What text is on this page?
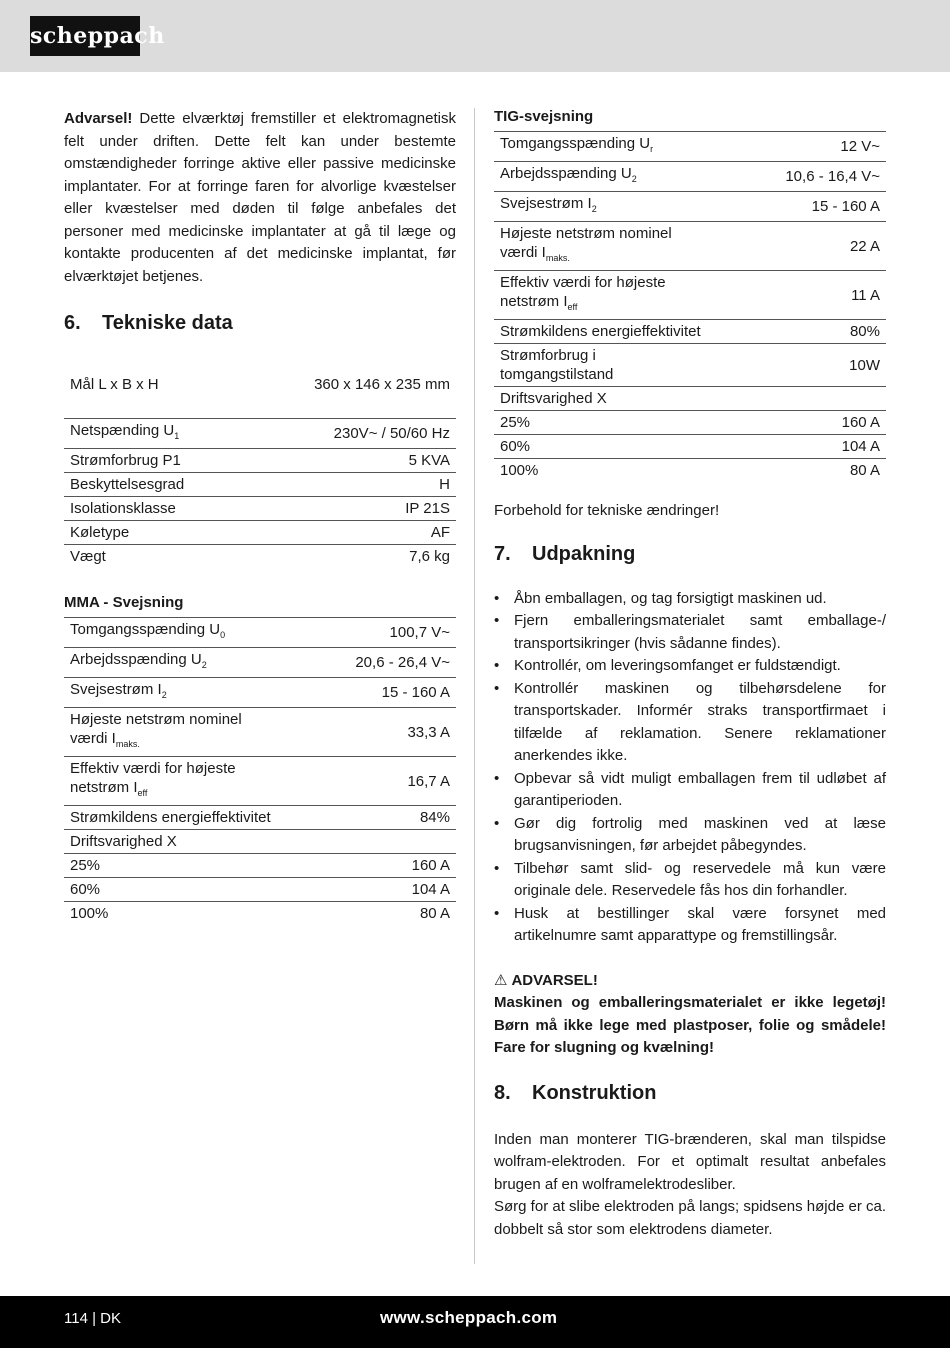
scheppach

Advarsel! Dette elværktøj fremstiller et elektromagnetisk felt under driften. Dette felt kan under bestemte omstændigheder forringe aktive eller passive medicinske implantater. For at forringe faren for alvorlige kvæstelser eller kvæstelser med døden til følge anbefales det personer med medicinske implantater at gå til læge og kontakte producenten af det medicinske implantat, før elværktøjet betjenes.

6.	Tekniske data
Mål L x B x H	360 x 146 x 235 mm
Netspænding $U_1$	230V~ / 50/60 Hz
Strømforbrug P1	5 KVA
Beskyttelsesgrad	H
Isolationsklasse	IP 21S
Køletype	AF
Vægt	7,6 kg
MMA - Svejsning
Tomgangsspænding $U_0$	100,7 V~
Arbejdsspænding $U_2$	20,6 - 26,4 V~
Svejsestrøm $I_2$	15 - 160 A
Højeste netstrøm nominel
værdi $I_{maks.}$	33,3 A
Effektiv værdi for højeste
netstrøm $I_{eff}$	16,7 A
Strømkildens energieffektivitet	84%
Driftsvarighed X	
25%	160 A
60%	104 A
100%	80 A
TIG-svejsning
Tomgangsspænding $U_r$	12 V~
Arbejdsspænding $U_2$	10,6 - 16,4 V~
Svejsestrøm $I_2$	15 - 160 A
Højeste netstrøm nominel
værdi $I_{maks.}$	22 A
Effektiv værdi for højeste
netstrøm $I_{eff}$	11 A
Strømkildens energieffektivitet	80%
Strømforbrug i
tomgangstilstand	10W
Driftsvarighed X	
25%	160 A
60%	104 A
100%	80 A

Forbehold for tekniske ændringer!

7.	Udpakning
• Åbn emballagen, og tag forsigtigt maskinen ud.
• Fjern emballeringsmaterialet samt emballage-/ transportsikringer (hvis sådanne findes).
• Kontrollér, om leveringsomfanget er fuldstændigt.
• Kontrollér maskinen og tilbehørsdelene for transportskader. Informér straks transportfirmaet i tilfælde af reklamation. Senere reklamationer anerkendes ikke.
• Opbevar så vidt muligt emballagen frem til udløbet af garantiperioden.
• Gør dig fortrolig med maskinen ved at læse brugsanvisningen, før arbejdet påbegyndes.
• Tilbehør samt slid- og reservedele må kun være originale dele. Reservedele fås hos din forhandler.
• Husk at bestillinger skal være forsynet med artikelnumre samt apparattype og fremstillingsår.

⚠ ADVARSEL!

Maskinen og emballeringsmaterialet er ikke legetøj! Børn må ikke lege med plastposer, folie og smådele! Fare for slugning og kvælning!

8.	Konstruktion

Inden man monterer TIG-brænderen, skal man tilspidse wolfram-elektroden. For et optimalt resultat anbefales brugen af en wolframelektrodesliber.

Sørg for at slibe elektroden på langs; spidsens højde er ca. dobbelt så stor som elektrodens diameter.

114 | DK	www.scheppach.com
